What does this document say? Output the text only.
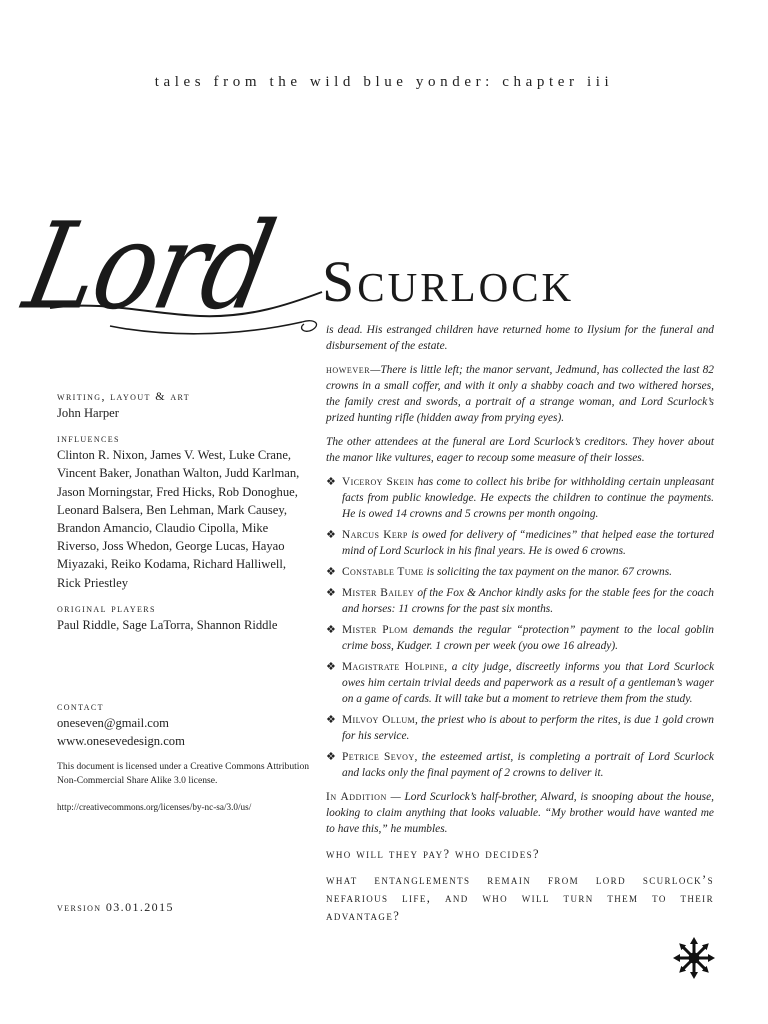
tales from the wild blue yonder: chapter iii
Lord Scurlock

is dead. His estranged children have returned home to Ilysium for the funeral and disbursement of the estate.

however—There is little left; the manor servant, Jedmund, has collected the last 82 crowns in a small coffer, and with it only a shabby coach and two withered horses, the family crest and swords, a portrait of a strange woman, and Lord Scurlock’s prized hunting rifle (hidden away from prying eyes).

The other attendees at the funeral are Lord Scurlock’s creditors. They hover about the manor like vultures, eager to recoup some measure of their losses.

❖ Viceroy Skein has come to collect his bribe for withholding certain unpleasant facts from public knowledge. He expects the children to continue the payments. He is owed 14 crowns and 5 crowns per month ongoing.
❖ Narcus Kerp is owed for delivery of “medicines” that helped ease the tortured mind of Lord Scurlock in his final years. He is owed 6 crowns.
❖ Constable Tume is soliciting the tax payment on the manor. 67 crowns.
❖ Mister Bailey of the Fox & Anchor kindly asks for the stable fees for the coach and horses: 11 crowns for the past six months.
❖ Mister Plom demands the regular “protection” payment to the local goblin crime boss, Kudger. 1 crown per week (you owe 16 already).
❖ Magistrate Holpine, a city judge, discreetly informs you that Lord Scurlock owes him certain trivial deeds and paperwork as a result of a gentleman’s wager on a game of cards. It will take but a moment to retrieve them from the study.
❖ Milvoy Ollum, the priest who is about to perform the rites, is due 1 gold crown for his service.
❖ Petrice Sevoy, the esteemed artist, is completing a portrait of Lord Scurlock and lacks only the final payment of 2 crowns to deliver it.

In Addition — Lord Scurlock’s half-brother, Alward, is snooping about the house, looking to claim anything that looks valuable. “My brother would have wanted me to have this,” he mumbles.

who will they pay? who decides?

what entanglements remain from lord scurlock’s nefarious life, and who will turn them to their advantage?

writing, layout & art

John Harper

influences

Clinton R. Nixon, James V. West, Luke Crane, Vincent Baker, Jonathan Walton, Judd Karlman, Jason Morningstar, Fred Hicks, Rob Donoghue, Leonard Balsera, Ben Lehman, Mark Causey, Brandon Amancio, Claudio Cipolla, Mike Riverso, Joss Whedon, George Lucas, Hayao Miyazaki, Reiko Kodama, Richard Halliwell, Rick Priestley

original players

Paul Riddle, Sage LaTorra, Shannon Riddle

contact

oneseven@gmail.com
www.onesevedesign.com
This document is licensed under a Creative Commons Attribution Non-Commercial Share Alike 3.0 license.
http://creativecommons.org/licenses/by-nc-sa/3.0/us/
version 03.01.2015
